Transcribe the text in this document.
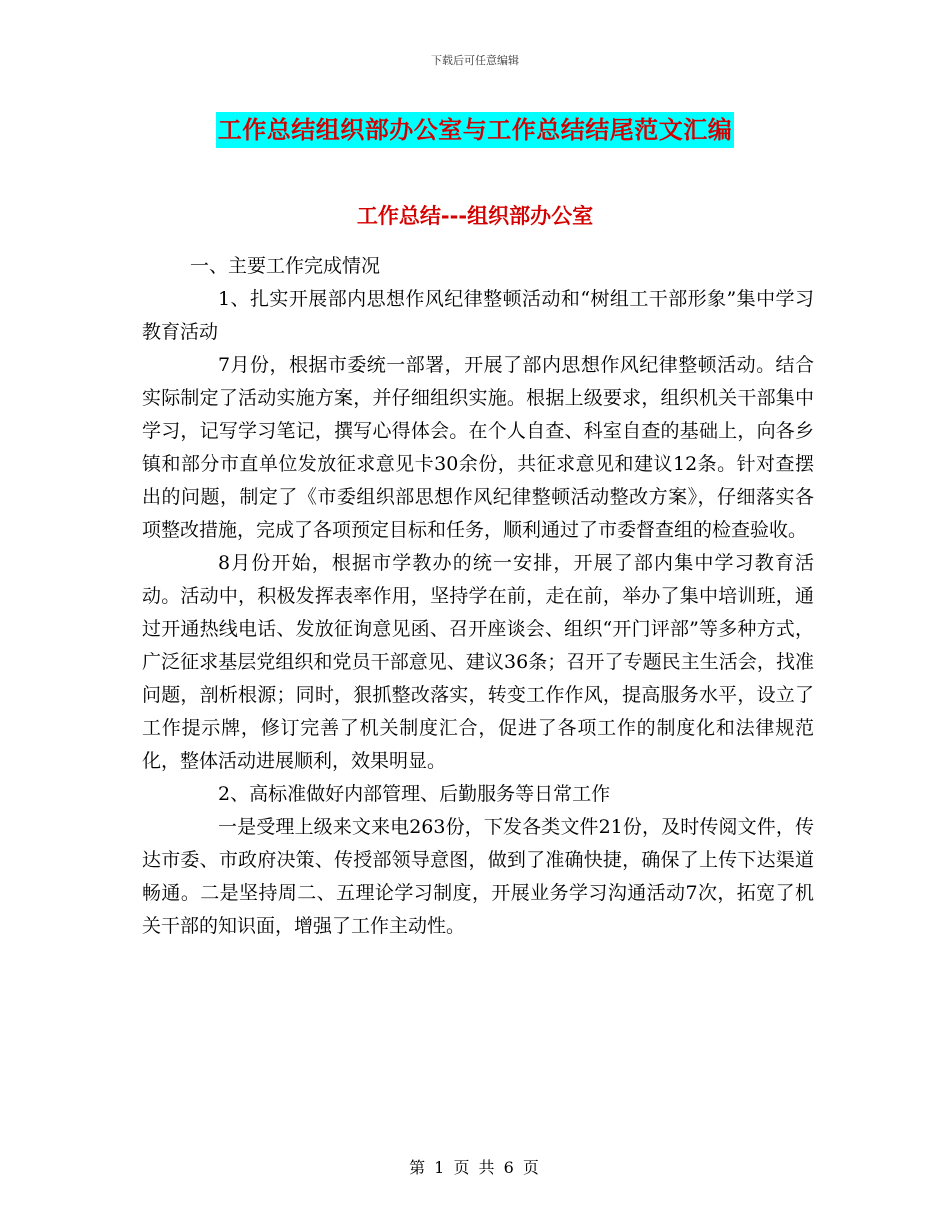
下载后可任意编辑
工作总结组织部办公室与工作总结结尾范文汇编
工作总结---组织部办公室

一、主要工作完成情况

1、扎实开展部内思想作风纪律整顿活动和“树组工干部形象”集中学习教育活动

7月份，根据市委统一部署，开展了部内思想作风纪律整顿活动。结合实际制定了活动实施方案，并仔细组织实施。根据上级要求，组织机关干部集中学习，记写学习笔记，撰写心得体会。在个人自查、科室自查的基础上，向各乡镇和部分市直单位发放征求意见卡30余份，共征求意见和建议12条。针对查摆出的问题，制定了《市委组织部思想作风纪律整顿活动整改方案》，仔细落实各项整改措施，完成了各项预定目标和任务，顺利通过了市委督查组的检查验收。

8月份开始，根据市学教办的统一安排，开展了部内集中学习教育活动。活动中，积极发挥表率作用，坚持学在前，走在前，举办了集中培训班，通过开通热线电话、发放征询意见函、召开座谈会、组织“开门评部”等多种方式，广泛征求基层党组织和党员干部意见、建议36条；召开了专题民主生活会，找准问题，剖析根源；同时，狠抓整改落实，转变工作作风，提高服务水平，设立了工作提示牌，修订完善了机关制度汇合，促进了各项工作的制度化和法律规范化，整体活动进展顺利，效果明显。

2、高标准做好内部管理、后勤服务等日常工作

一是受理上级来文来电263份，下发各类文件21份，及时传阅文件，传达市委、市政府决策、传授部领导意图，做到了准确快捷，确保了上传下达渠道畅通。二是坚持周二、五理论学习制度，开展业务学习沟通活动7次，拓宽了机关干部的知识面，增强了工作主动性。

第 1 页 共 6 页
